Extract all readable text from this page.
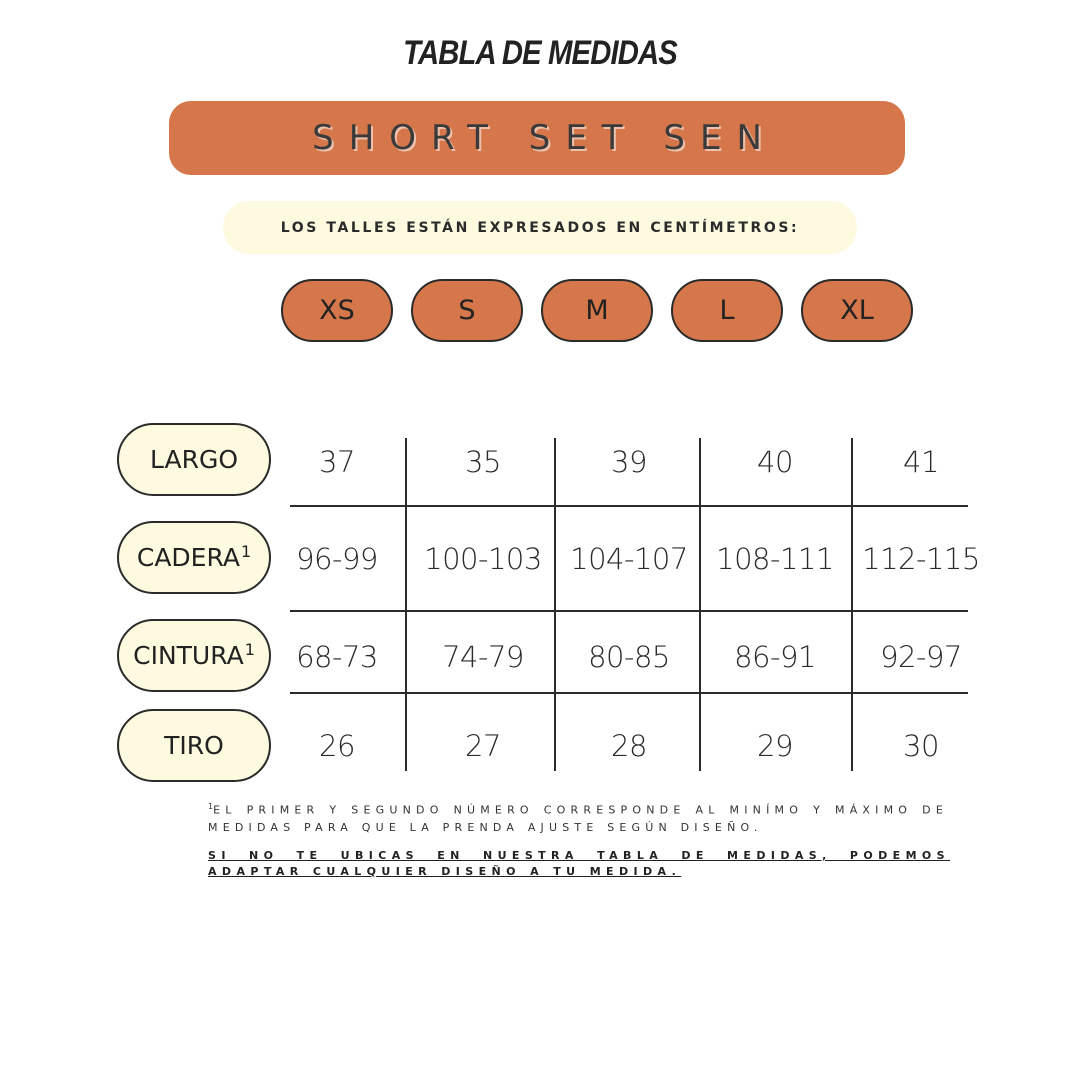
TABLA DE MEDIDAS
SHORT SET SEN
LOS TALLES ESTÁN EXPRESADOS EN CENTÍMETROS:
XS	S	M	L	XL
LARGO	37	35	39	40	41
CADERA$^1$	96-99	100-103 104-107 108-111 112-115
CINTURA$^1$	68-73	74-79	80-85	86-91	92-97
TIRO	26	27	28	29	30
$^1$EL PRIMER Y SEGUNDO NÚMERO CORRESPONDE AL MINÍMO Y MÁXIMO DE MEDIDAS PARA QUE LA PRENDA AJUSTE SEGÚN DISEÑO.
SI NO TE UBICAS EN NUESTRA TABLA DE MEDIDAS, PODEMOS ADAPTAR CUALQUIER DISEÑO A TU MEDIDA.
